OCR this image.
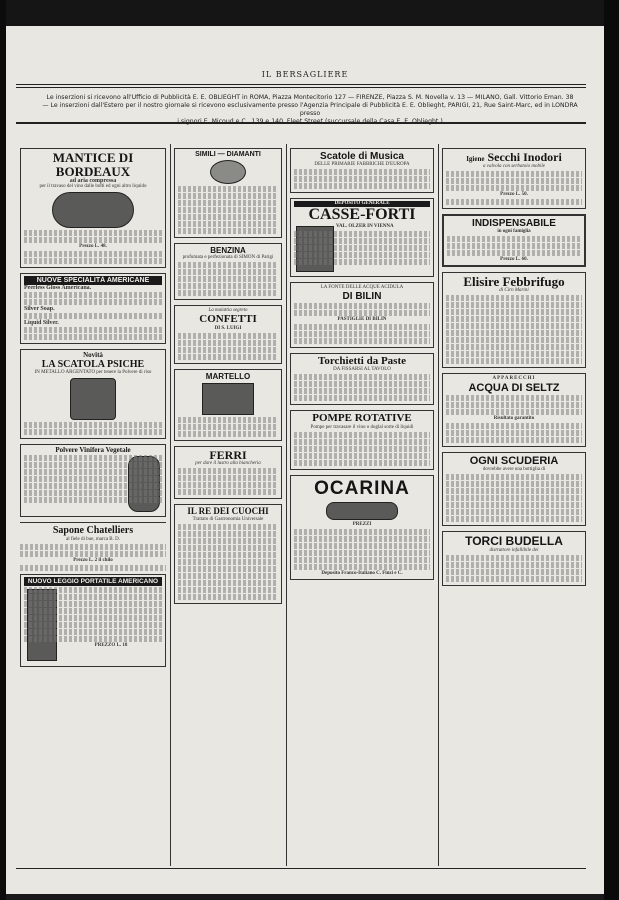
IL BERSAGLIERE
Le inserzioni si ricevono all'Ufficio di Pubblicità E. E. OBLIEGHT in ROMA, Piazza Montecitorio 127 — FIRENZE, Piazza S. M. Novella v. 13 — MILANO, Gall. Vittorio Eman. 38
— Le inserzioni dall'Estero per il nostro giornale si ricevono esclusivamente presso l'Agenzia Principale di Pubblicità E. E. Oblieght, PARIGI, 21, Rue Saint-Marc, ed in LONDRA presso
MANTICE DI BORDEAUX
ad aria compressa
per il travaso del vino dalle botti ed ogni altro liquido
Prezzo L. 48.
NUOVE SPECIALITÀ AMERICANE
Peerless Gloss Americana.
Silver Soap.
Liquid Silver.
Novità
LA SCATOLA PSICHE
IN METALLO ARGENTATO per tenere la Polvere di riso
Polvere Vinifera Vegetale
Sapone Chatelliers
al fiele di bue, marca B. D.
Prezzo L. 2 il chilo
NUOVO LEGGIO PORTATILE AMERICANO
PREZZO L. 18
SIMILI — DIAMANTI
BENZINA
profumata e perfezionata di SIMON di Parigi
La malattia segreto
CONFETTI
DI S. LUIGI
MARTELLO
FERRI
per dare il lustro alla biancheria
IL RE DEI CUOCHI
Trattato di Gastronomia Universale
Scatole di Musica
DELLE PRIMARIE FABBRICHE D'EUROPA
DEPOSITO GENERALE
CASSE-FORTI
VAL. OLZER IN VIENNA
LA FONTE DELLE ACQUE ACIDULA
DI BILIN
PASTIGLIE DI BILIN
Torchietti da Paste
DA FISSARSI AL TAVOLO
POMPE ROTATIVE
Pompe per travasare il vino o duglal sorte di liquidi
OCARINA
PREZZI
Deposito Franco-Italiano C. Finzi e C.
Igiene Secchi Inodori
a valvola con serbatoio mobile
Prezzo L. 50.
INDISPENSABILE
in ogni famiglia
Prezzo L. 60.
Elisire Febbrifugo
di Cirn Marini
APPARECCHI
ACQUA DI SELTZ
Risultato garantito
OGNI SCUDERIA
dovrebbe avere una bottiglia di
TORCI BUDELLA
distruttore infallibile dei
